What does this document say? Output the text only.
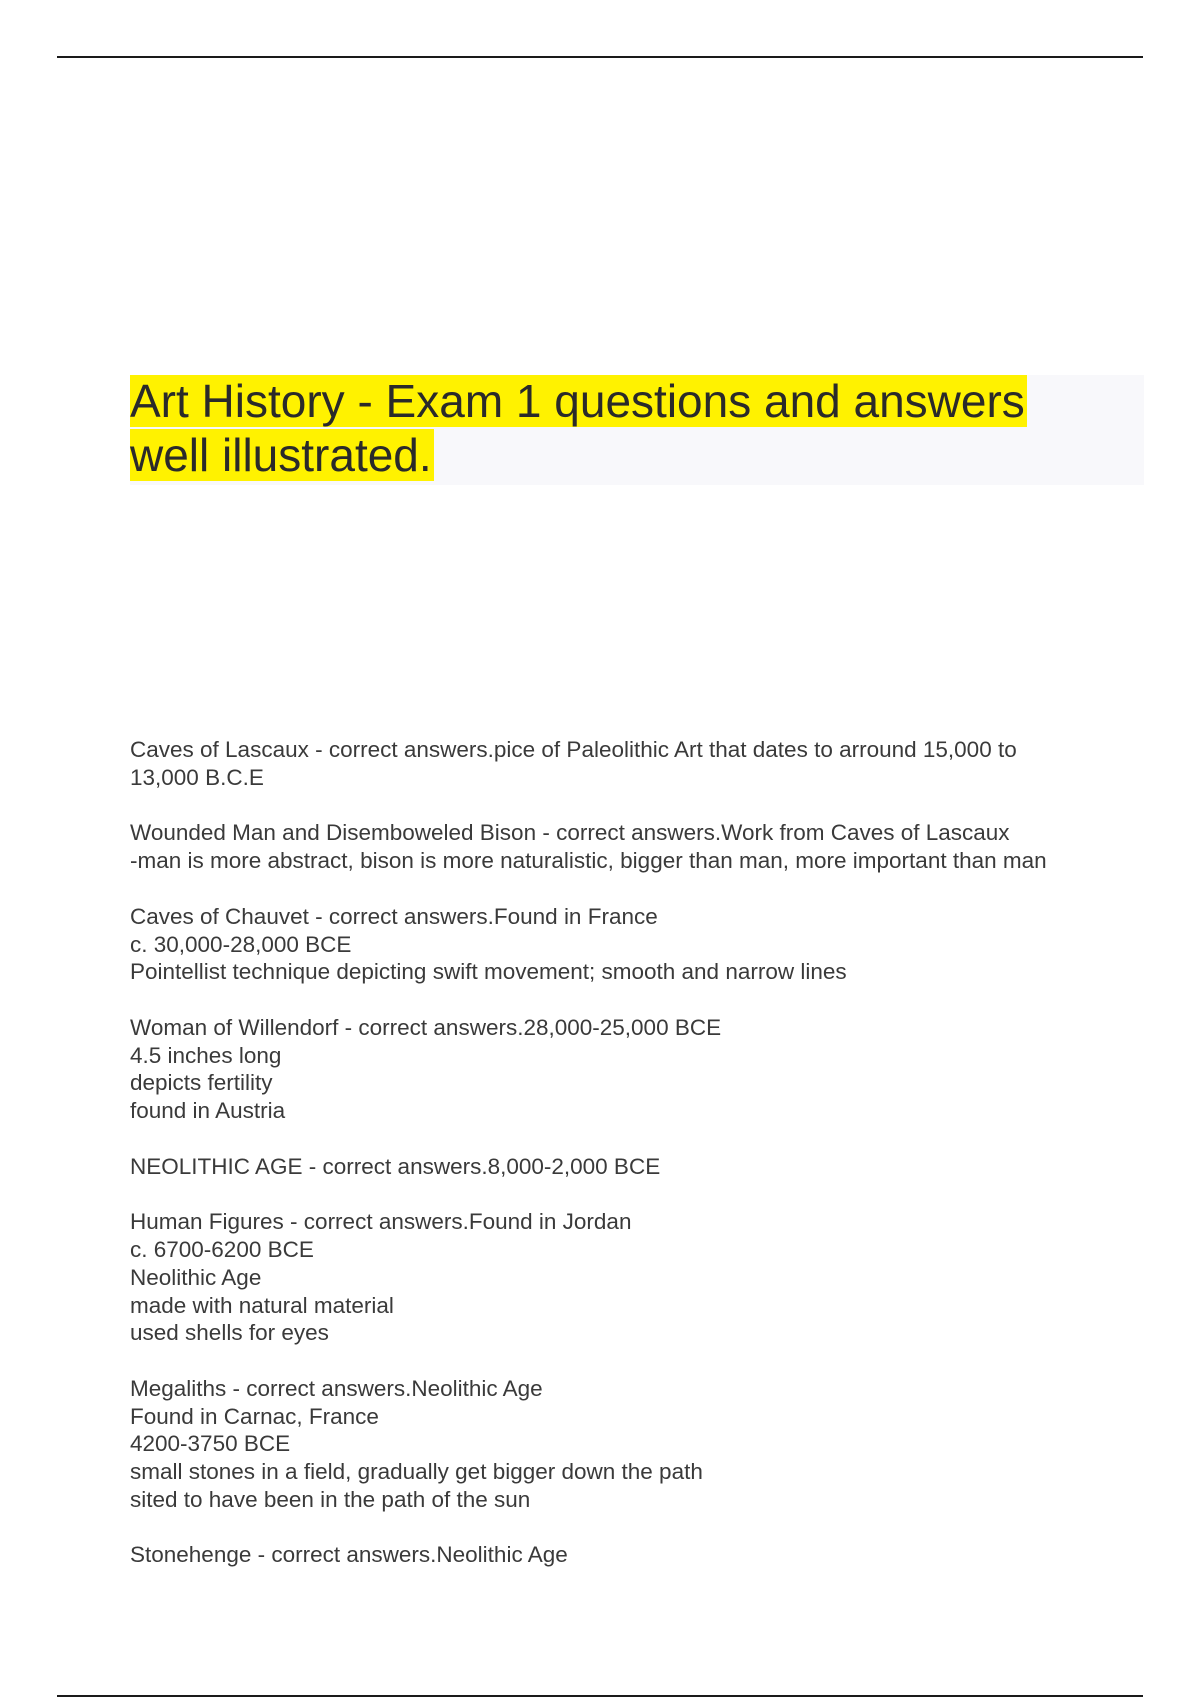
Art History - Exam 1 questions and answers
well illustrated.
Caves of Lascaux - correct answers.pice of Paleolithic Art that dates to arround 15,000 to
13,000 B.C.E
Wounded Man and Disemboweled Bison - correct answers.Work from Caves of Lascaux
-man is more abstract, bison is more naturalistic, bigger than man, more important than man
Caves of Chauvet - correct answers.Found in France
c. 30,000-28,000 BCE
Pointellist technique depicting swift movement; smooth and narrow lines
Woman of Willendorf - correct answers.28,000-25,000 BCE
4.5 inches long
depicts fertility
found in Austria
NEOLITHIC AGE - correct answers.8,000-2,000 BCE
Human Figures - correct answers.Found in Jordan
c. 6700-6200 BCE
Neolithic Age
made with natural material
used shells for eyes
Megaliths - correct answers.Neolithic Age
Found in Carnac, France
4200-3750 BCE
small stones in a field, gradually get bigger down the path
sited to have been in the path of the sun
Stonehenge - correct answers.Neolithic Age
